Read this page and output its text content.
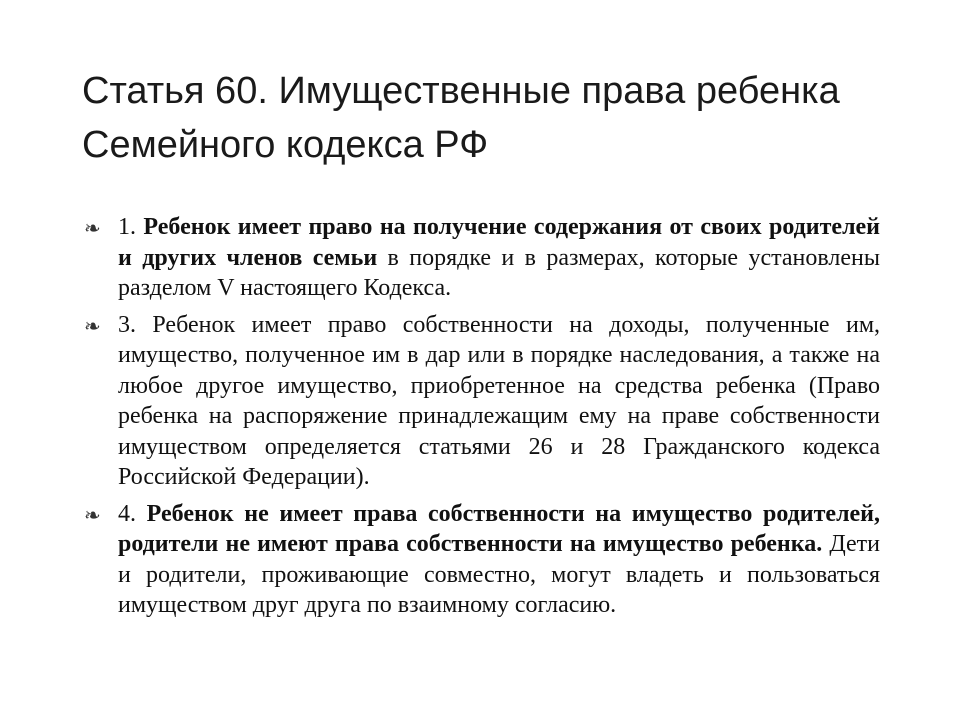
Статья 60. Имущественные права ребенка
Семейного кодекса РФ
❧ 1. Ребенок имеет право на получение содержания от своих родителей и других членов семьи в порядке и в размерах, которые установлены разделом V настоящего Кодекса.
❧ 3. Ребенок имеет право собственности на доходы, полученные им, имущество, полученное им в дар или в порядке наследования, а также на любое другое имущество, приобретенное на средства ребенка (Право ребенка на распоряжение принадлежащим ему на праве собственности имуществом определяется статьями 26 и 28 Гражданского кодекса Российской Федерации).
❧ 4. Ребенок не имеет права собственности на имущество родителей, родители не имеют права собственности на имущество ребенка. Дети и родители, проживающие совместно, могут владеть и пользоваться имуществом друг друга по взаимному согласию.
